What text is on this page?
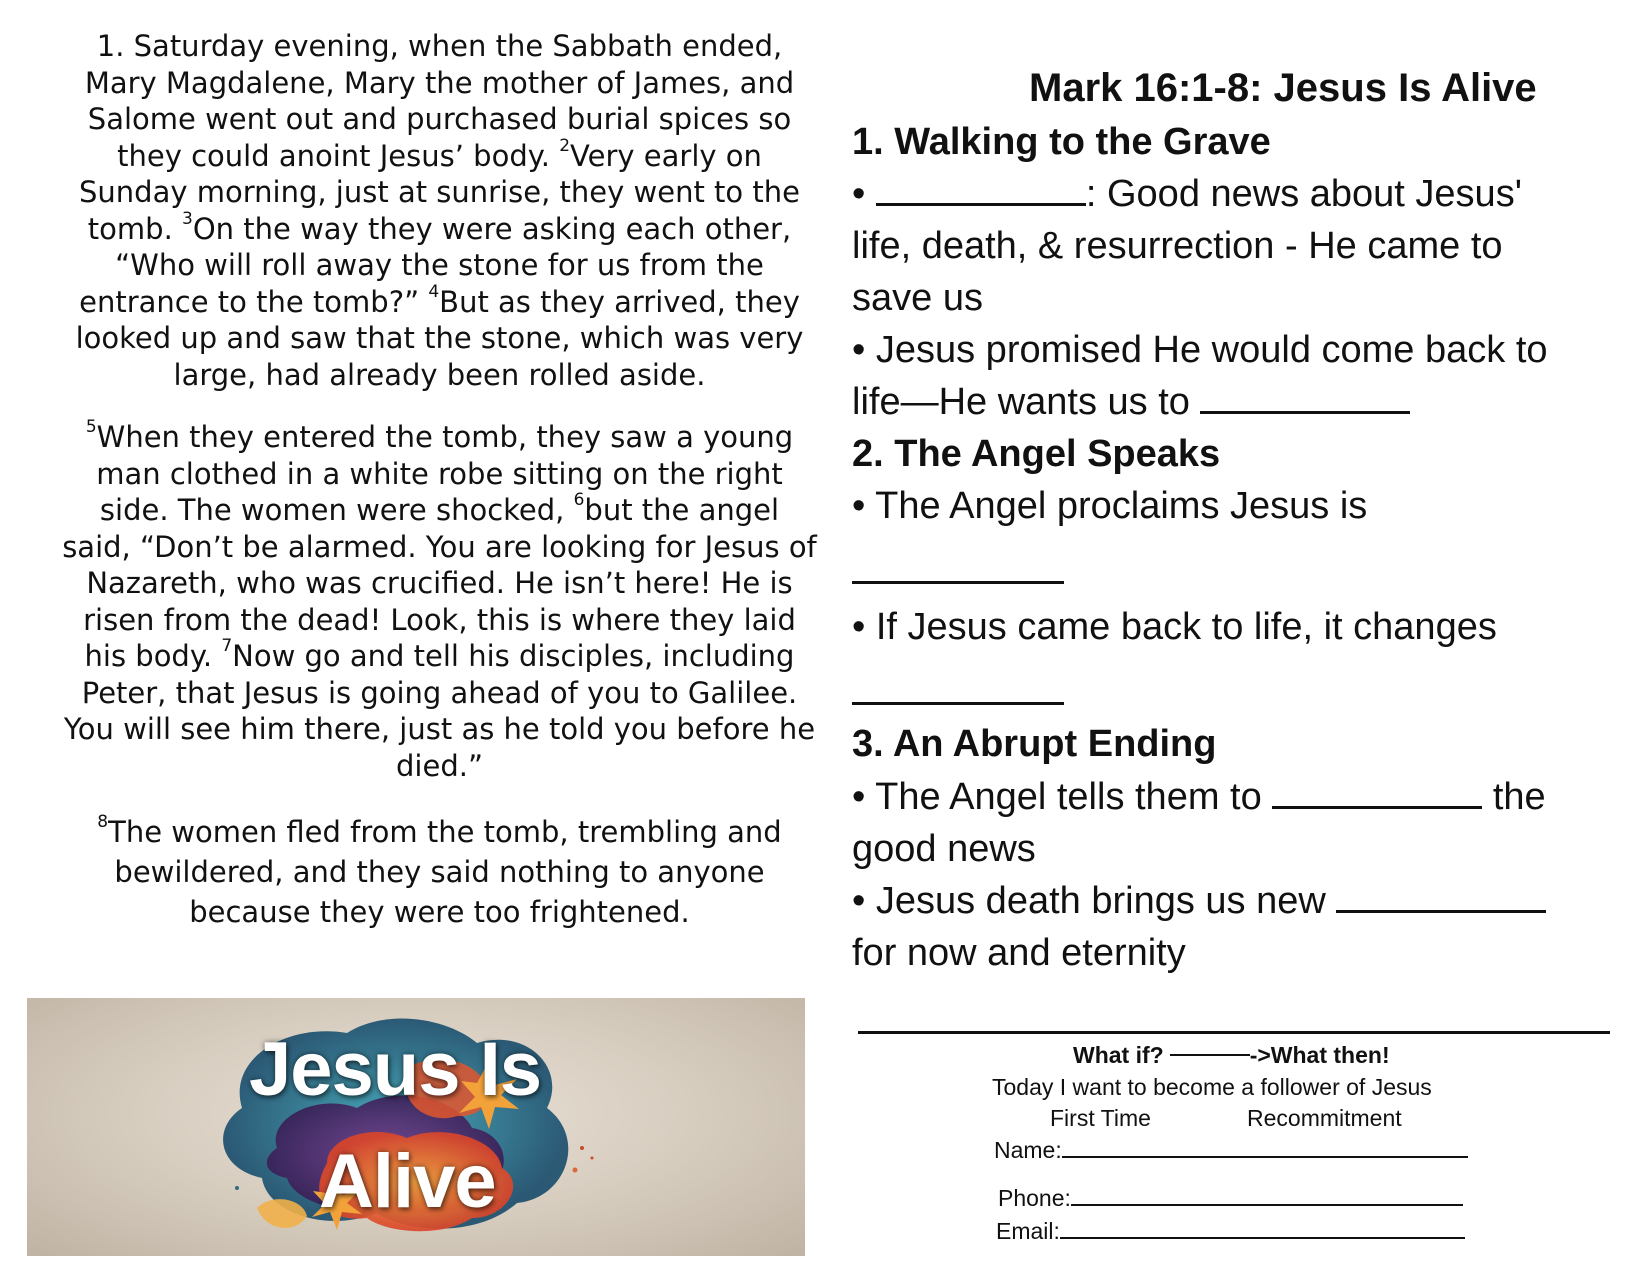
1. Saturday evening, when the Sabbath ended, Mary Magdalene, Mary the mother of James, and Salome went out and purchased burial spices so they could anoint Jesus’ body. $^2$Very early on Sunday morning, just at sunrise, they went to the tomb. $^3$On the way they were asking each other, “Who will roll away the stone for us from the entrance to the tomb?” $^4$But as they arrived, they looked up and saw that the stone, which was very large, had already been rolled aside.

$^5$When they entered the tomb, they saw a young man clothed in a white robe sitting on the right side. The women were shocked, $^6$but the angel said, “Don’t be alarmed. You are looking for Jesus of Nazareth, who was crucified. He isn’t here! He is risen from the dead! Look, this is where they laid his body. $^7$Now go and tell his disciples, including Peter, that Jesus is going ahead of you to Galilee. You will see him there, just as he told you before he died.”

$^8$The women fled from the tomb, trembling and bewildered, and they said nothing to anyone because they were too frightened.

Jesus Is
Alive
Mark 16:1-8: Jesus Is Alive
1. Walking to the Grave
•	: Good news about Jesus'
life, death, & resurrection - He came to
save us
• Jesus promised He would come back to
life—He wants us to
2. The Angel Speaks
• The Angel proclaims Jesus is
• If Jesus came back to life, it changes
3. An Abrupt Ending
• The Angel tells them to	the
good news
• Jesus death brings us new
for now and eternity
What if?	->What then!
Today I want to become a follower of Jesus
First Time	Recommitment
Name:
Phone:
Email:
